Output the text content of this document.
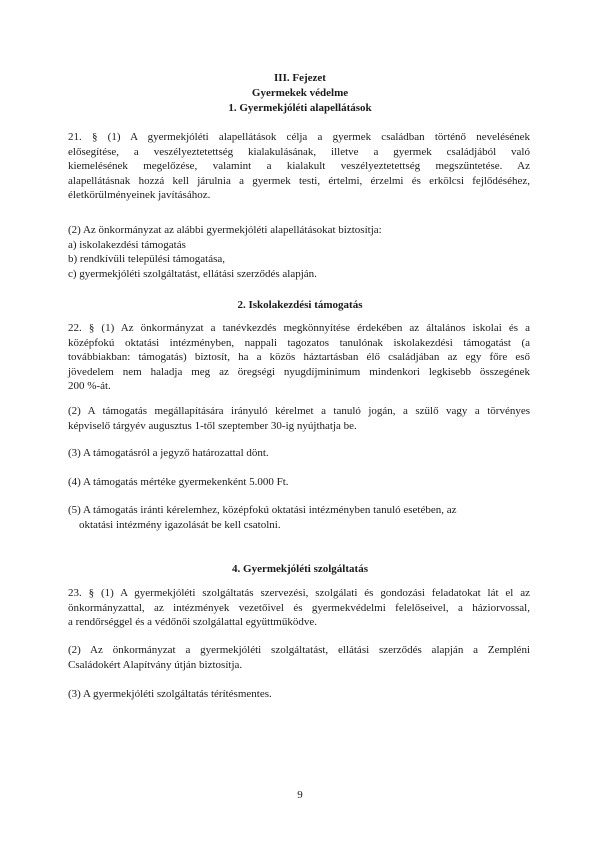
III. Fejezet
Gyermekek védelme
1. Gyermekjóléti alapellátások
21. § (1) A gyermekjóléti alapellátások célja a gyermek családban történő nevelésének
elősegítése, a veszélyeztetettség kialakulásának, illetve a gyermek családjából való
kiemelésének megelőzése, valamint a kialakult veszélyeztetettség megszüntetése. Az
alapellátásnak hozzá kell járulnia a gyermek testi, értelmi, érzelmi és erkölcsi fejlődéséhez,
életkörülményeinek javításához.
(2) Az önkormányzat az alábbi gyermekjóléti alapellátásokat biztosítja:
a) iskolakezdési támogatás
b) rendkívüli települési támogatása,
c) gyermekjóléti szolgáltatást, ellátási szerződés alapján.
2. Iskolakezdési támogatás
22. § (1) Az önkormányzat a tanévkezdés megkönnyítése érdekében az általános iskolai és a
középfokú oktatási intézményben, nappali tagozatos tanulónak iskolakezdési támogatást (a
továbbiakban: támogatás) biztosít, ha a közös háztartásban élő családjában az egy főre eső
jövedelem nem haladja meg az öregségi nyugdíjminimum mindenkori legkisebb összegének
200 %-át.
(2) A támogatás megállapítására irányuló kérelmet a tanuló jogán, a szülő vagy a törvényes
képviselő tárgyév augusztus 1-től szeptember 30-ig nyújthatja be.
(3) A támogatásról a jegyző határozattal dönt.
(4) A támogatás mértéke gyermekenként 5.000 Ft.
(5) A támogatás iránti kérelemhez, középfokú oktatási intézményben tanuló esetében, az
oktatási intézmény igazolását be kell csatolni.
4. Gyermekjóléti szolgáltatás
23. § (1) A gyermekjóléti szolgáltatás szervezési, szolgálati és gondozási feladatokat lát el az
önkormányzattal, az intézmények vezetőivel és gyermekvédelmi felelőseivel, a háziorvossal,
a rendőrséggel és a védőnői szolgálattal együttműködve.
(2) Az önkormányzat a gyermekjóléti szolgáltatást, ellátási szerződés alapján a Zempléni
Családokért Alapítvány útján biztosítja.
(3) A gyermekjóléti szolgáltatás térítésmentes.
9
